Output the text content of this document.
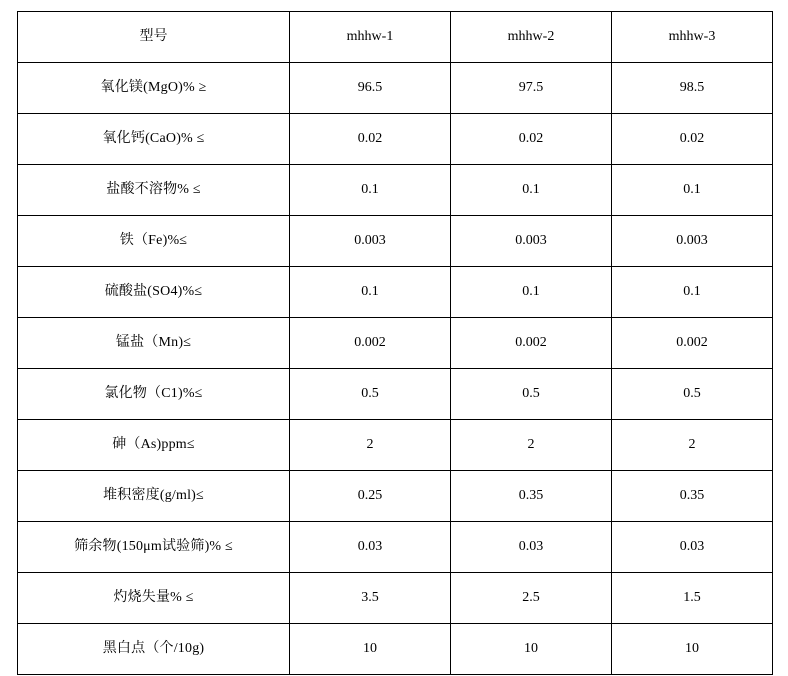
型号	mhhw-1	mhhw-2	mhhw-3
氧化镁(MgO)% ≥	96.5	97.5	98.5
氧化钙(CaO)% ≤	0.02	0.02	0.02
盐酸不溶物% ≤	0.1	0.1	0.1
铁（Fe)%≤	0.003	0.003	0.003
硫酸盐(SO4)%≤	0.1	0.1	0.1
锰盐（Mn)≤	0.002	0.002	0.002
氯化物（C1)%≤	0.5	0.5	0.5
砷（As)ppm≤	2	2	2
堆积密度(g/ml)≤	0.25	0.35	0.35
筛余物(150μm试验筛)% ≤	0.03	0.03	0.03
灼烧失量% ≤	3.5	2.5	1.5
黑白点（个/10g)	10	10	10
